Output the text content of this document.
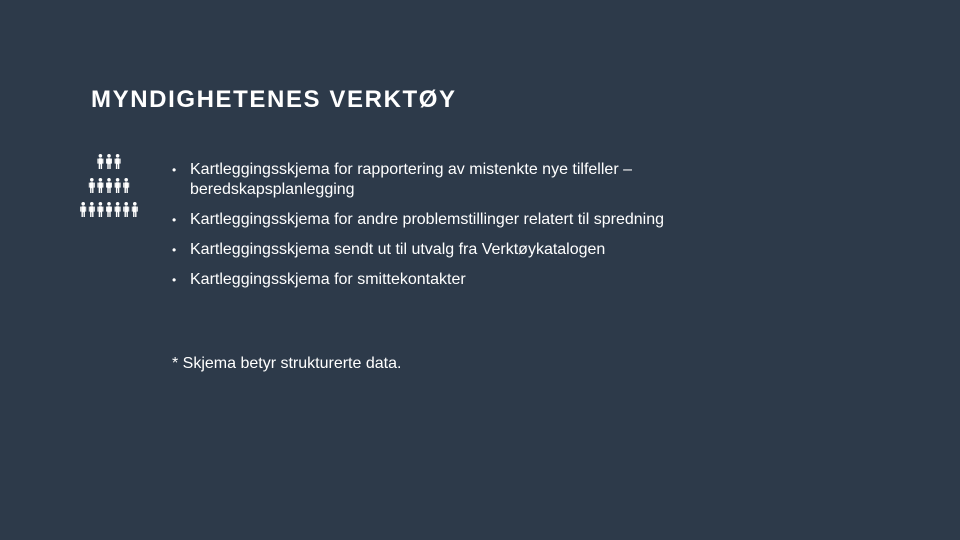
MYNDIGHETENES VERKTØY
• Kartleggingsskjema for rapportering av mistenkte nye tilfeller – beredskapsplanlegging
• Kartleggingsskjema for andre problemstillinger relatert til spredning
• Kartleggingsskjema sendt ut til utvalg fra Verktøykatalogen
• Kartleggingsskjema for smittekontakter

* Skjema betyr strukturerte data.
